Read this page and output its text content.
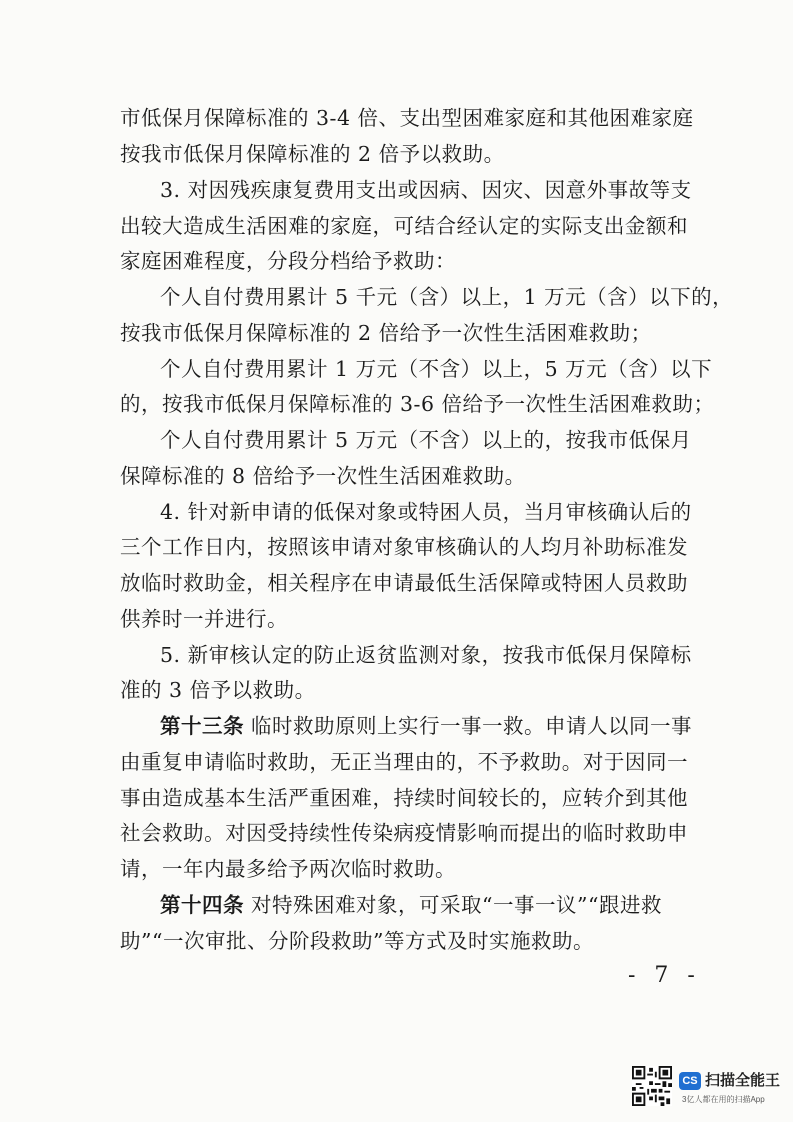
市低保月保障标准的 3-4 倍、支出型困难家庭和其他困难家庭
按我市低保月保障标准的 2 倍予以救助。
3. 对因残疾康复费用支出或因病、因灾、因意外事故等支
出较大造成生活困难的家庭，可结合经认定的实际支出金额和
家庭困难程度，分段分档给予救助：
个人自付费用累计 5 千元（含）以上，1 万元（含）以下的，
按我市低保月保障标准的 2 倍给予一次性生活困难救助；
个人自付费用累计 1 万元（不含）以上，5 万元（含）以下
的，按我市低保月保障标准的 3-6 倍给予一次性生活困难救助；
个人自付费用累计 5 万元（不含）以上的，按我市低保月
保障标准的 8 倍给予一次性生活困难救助。
4. 针对新申请的低保对象或特困人员，当月审核确认后的
三个工作日内，按照该申请对象审核确认的人均月补助标准发
放临时救助金，相关程序在申请最低生活保障或特困人员救助
供养时一并进行。
5. 新审核认定的防止返贫监测对象，按我市低保月保障标
准的 3 倍予以救助。
第十三条 临时救助原则上实行一事一救。申请人以同一事
由重复申请临时救助，无正当理由的，不予救助。对于因同一
事由造成基本生活严重困难，持续时间较长的，应转介到其他
社会救助。对因受持续性传染病疫情影响而提出的临时救助申
请，一年内最多给予两次临时救助。
第十四条 对特殊困难对象，可采取“一事一议”“跟进救
助”“一次审批、分阶段救助”等方式及时实施救助。
- 7 -
CS 扫描全能王
3亿人都在用的扫描App
